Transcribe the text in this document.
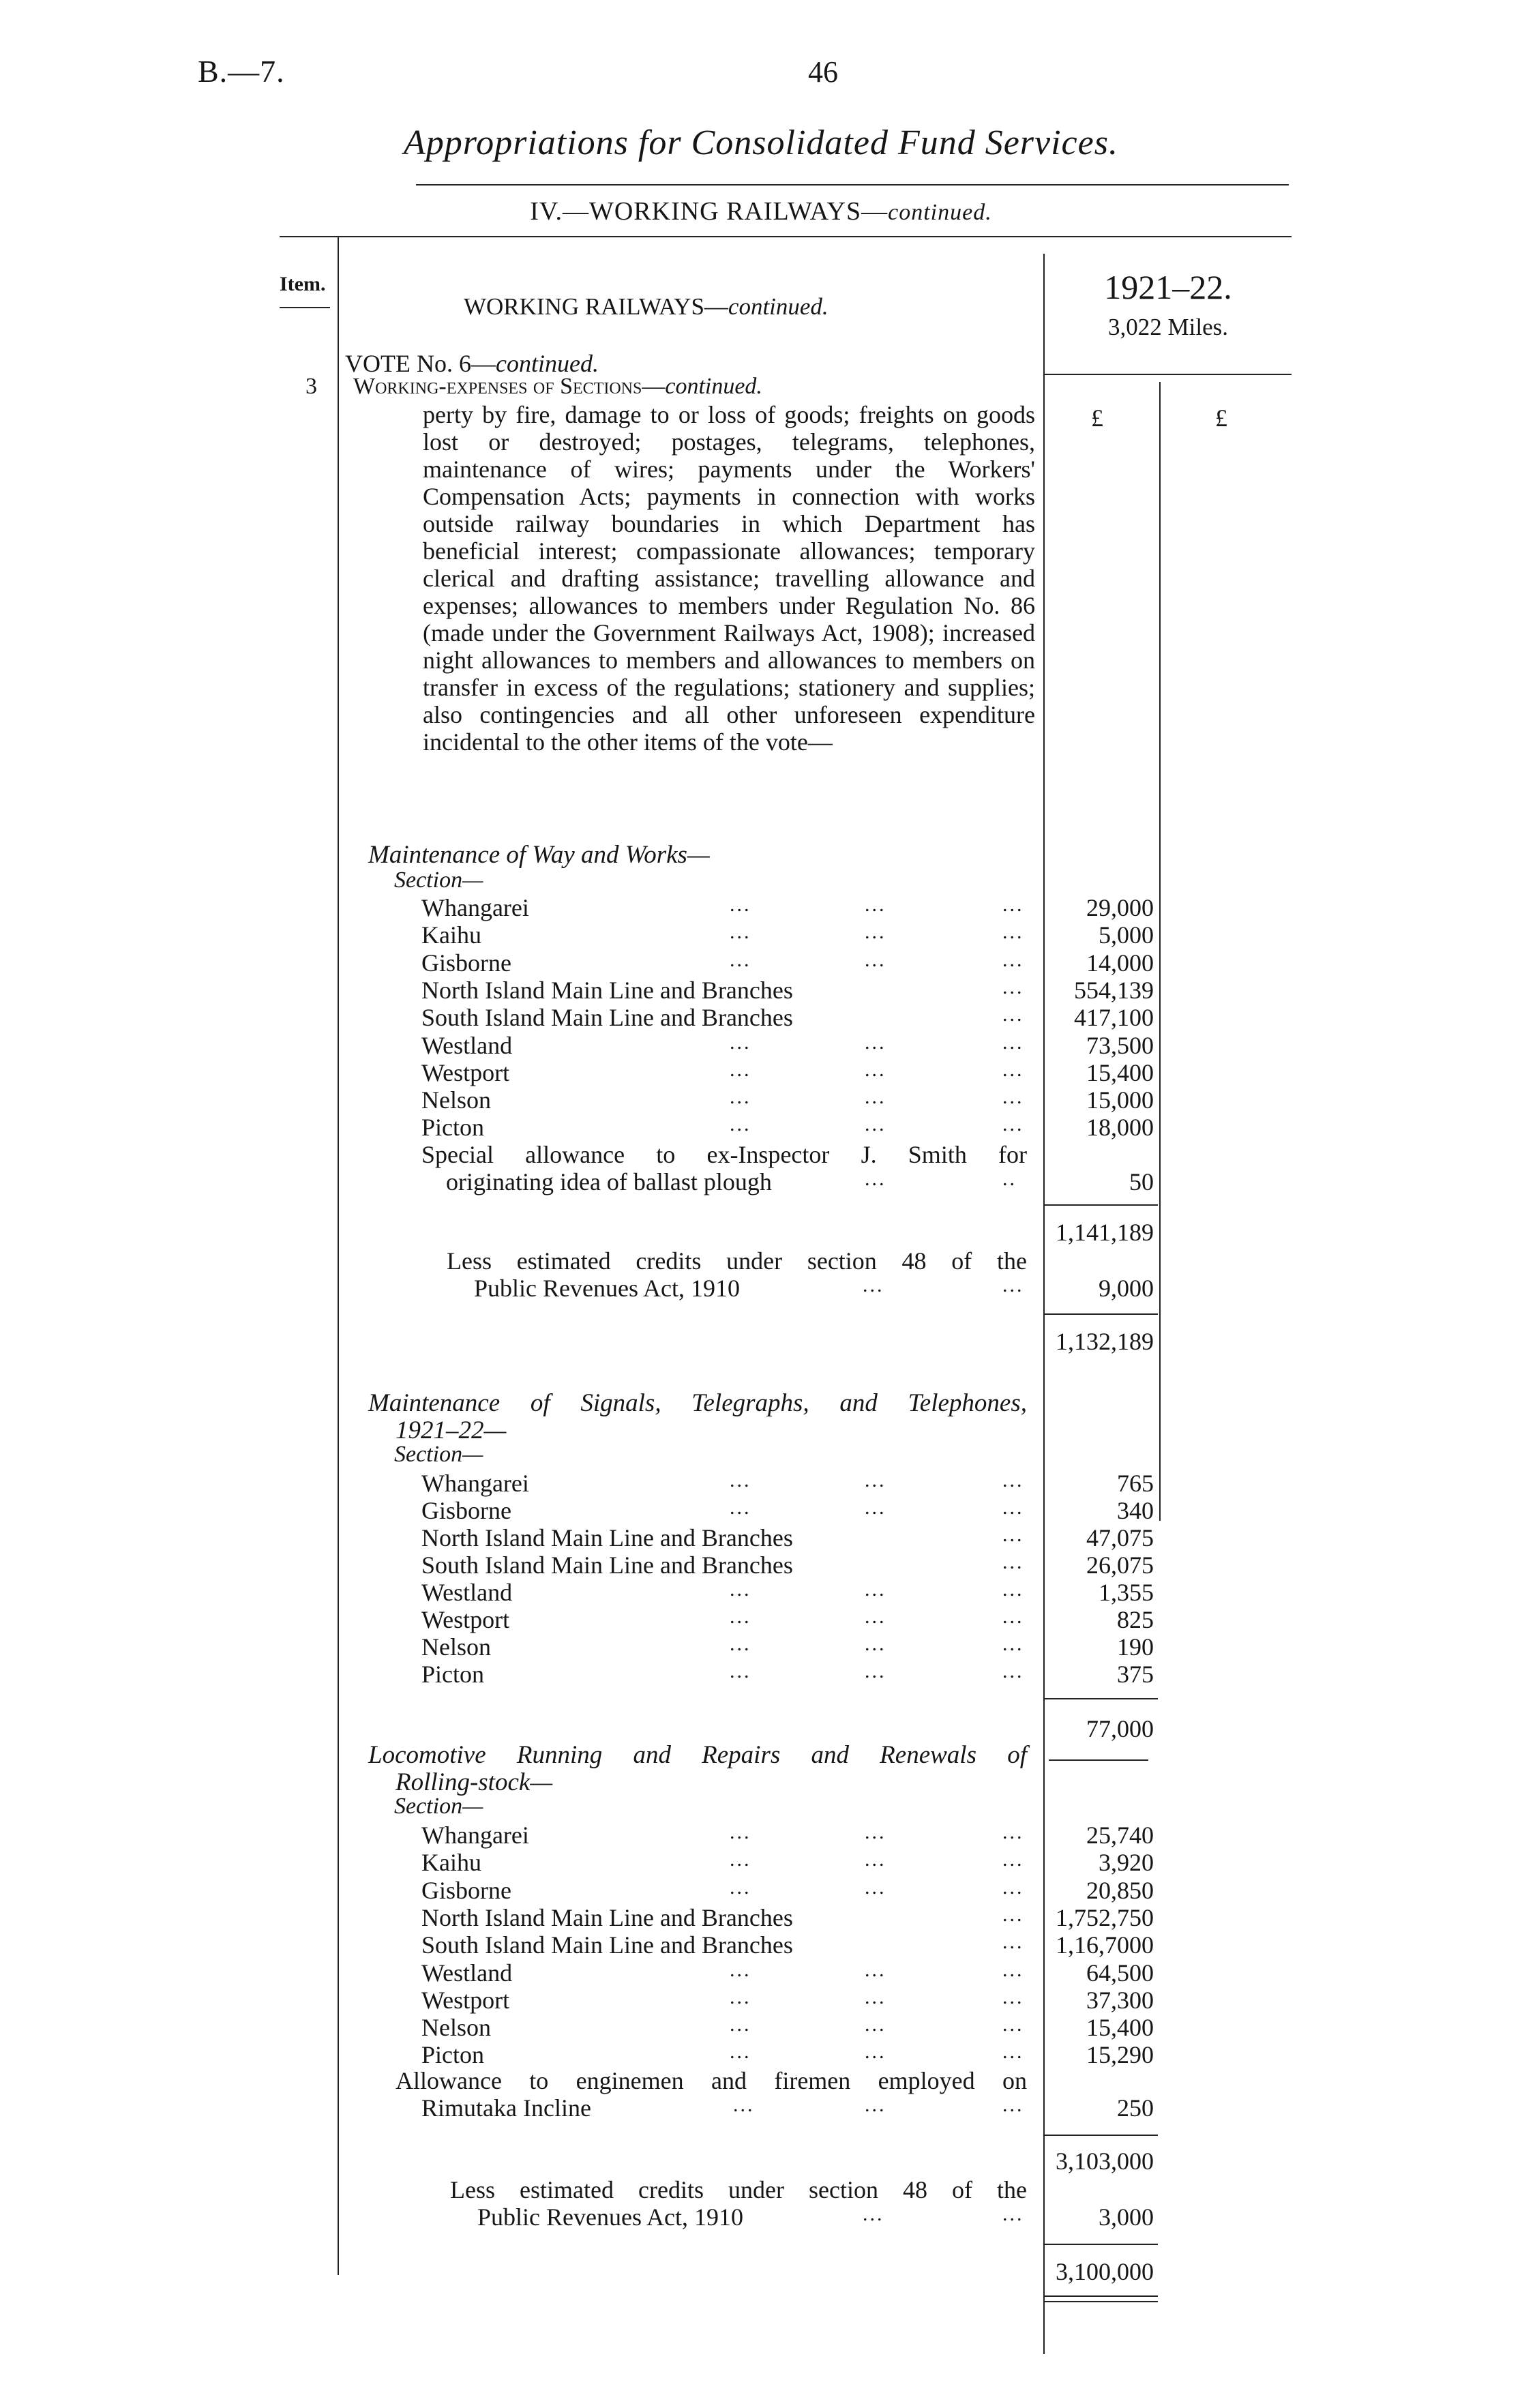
B.—7.	46
Appropriations for Consolidated Fund Services.
IV.—WORKING RAILWAYS—continued.
Item.
WORKING RAILWAYS—continued.
1921–22.
3,022 Miles.
£	£
VOTE No. 6—continued.
3 Working-expenses of Sections—continued.
perty by fire, damage to or loss of goods; freights on goods lost or destroyed; postages, telegrams, telephones, maintenance of wires; payments under the Workers' Compensation Acts; payments in connection with works outside railway boundaries in which Department has beneficial interest; compassionate allowances; temporary clerical and drafting assistance; travelling allowance and expenses; allowances to members under Regulation No. 86 (made under the Government Railways Act, 1908); increased night allowances to members and allowances to members on transfer in excess of the regulations; stationery and supplies; also contingencies and all other unforeseen expenditure incidental to the other items of the vote—
Maintenance of Way and Works—
Section—
Whangarei	...	...	...	29,000
Kaihu	...	...	...	5,000
Gisborne	...	...	...	14,000
North Island Main Line and Branches	... 554,139
South Island Main Line and Branches	... 417,100
Westland	...	...	...	73,500
Westport	...	...	...	15,400
Nelson	...	...	...	15,000
Picton	...	...	...	18,000
Special allowance to ex-Inspector J. Smith for
originating idea of ballast plough	...	..	50
1,141,189
Less estimated credits under section 48 of the
Public Revenues Act, 1910	...	...	9,000
1,132,189
Maintenance of Signals, Telegraphs, and Telephones,
1921–22—
Section—
Whangarei	...	...	...	765
Gisborne	...	...	...	340
North Island Main Line and Branches	...	47,075
South Island Main Line and Branches	...	26,075
Westland	...	...	...	1,355
Westport	...	...	...	825
Nelson	...	...	...	190
Picton	...	...	...	375
77,000
Locomotive Running and Repairs and Renewals of
Rolling-stock—
Section—
Whangarei	...	...	...	25,740
Kaihu	...	...	...	3,920
Gisborne	...	...	...	20,850
North Island Main Line and Branches	... 1,752,750
South Island Main Line and Branches	... 1,16,7000
Westland	...	...	...	64,500
Westport	...	...	...	37,300
Nelson	...	...	...	15,400
Picton	...	...	...	15,290
Allowance to enginemen and firemen employed on
Rimutaka Incline	...	...	...	250
3,103,000
Less estimated credits under section 48 of the
Public Revenues Act, 1910	...	...	3,000
3,100,000
